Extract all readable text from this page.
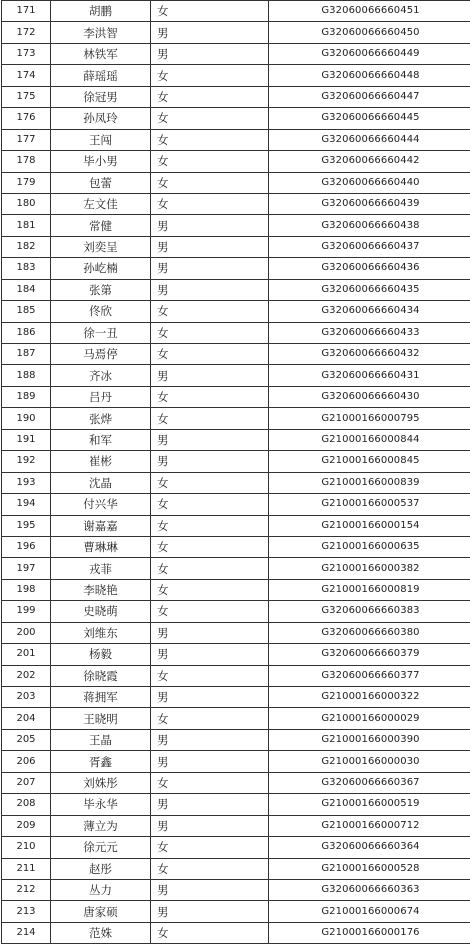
171	胡鹏	女	G32060066660451
172	李洪智	男	G32060066660450
173	林铁军	男	G32060066660449
174	薛瑶瑶	女	G32060066660448
175	徐冠男	女	G32060066660447
176	孙凤玲	女	G32060066660445
177	王闯	女	G32060066660444
178	毕小男	女	G32060066660442
179	包蕾	女	G32060066660440
180	左文佳	女	G32060066660439
181	常健	男	G32060066660438
182	刘奕呈	男	G32060066660437
183	孙屹楠	男	G32060066660436
184	张第	男	G32060066660435
185	佟欣	女	G32060066660434
186	徐一丑	女	G32060066660433
187	马焉停	女	G32060066660432
188	齐冰	男	G32060066660431
189	吕丹	女	G32060066660430
190	张烨	女	G21000166000795
191	和军	男	G21000166000844
192	崔彬	男	G21000166000845
193	沈晶	女	G21000166000839
194	付兴华	女	G21000166000537
195	谢嘉嘉	女	G21000166000154
196	曹琳琳	女	G21000166000635
197	戎菲	女	G21000166000382
198	李晓艳	女	G21000166000819
199	史晓萌	女	G32060066660383
200	刘维东	男	G32060066660380
201	杨毅	男	G32060066660379
202	徐晓霞	女	G32060066660377
203	蒋拥军	男	G21000166000322
204	王晓明	女	G21000166000029
205	王晶	男	G21000166000390
206	胥鑫	男	G21000166000030
207	刘姝彤	女	G32060066660367
208	毕永华	男	G21000166000519
209	薄立为	男	G21000166000712
210	徐元元	女	G32060066660364
211	赵彤	女	G21000166000528
212	丛力	男	G32060066660363
213	唐家硕	男	G21000166000674
214	范姝	女	G21000166000176
